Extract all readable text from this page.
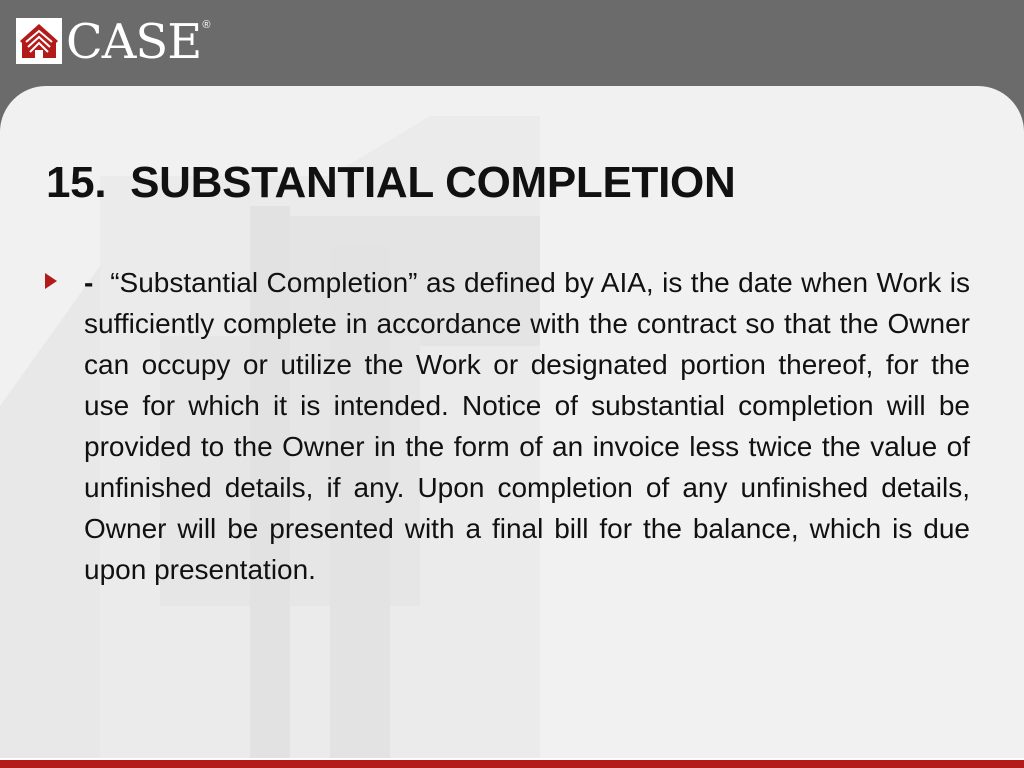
CASE ®
15.  SUBSTANTIAL COMPLETION
- “Substantial Completion” as defined by AIA, is the date when Work is sufficiently complete in accordance with the contract so that the Owner can occupy or utilize the Work or designated portion thereof, for the use for which it is intended. Notice of substantial completion will be provided to the Owner in the form of an invoice less twice the value of unfinished details, if any. Upon completion of any unfinished details, Owner will be presented with a final bill for the balance, which is due upon presentation.
